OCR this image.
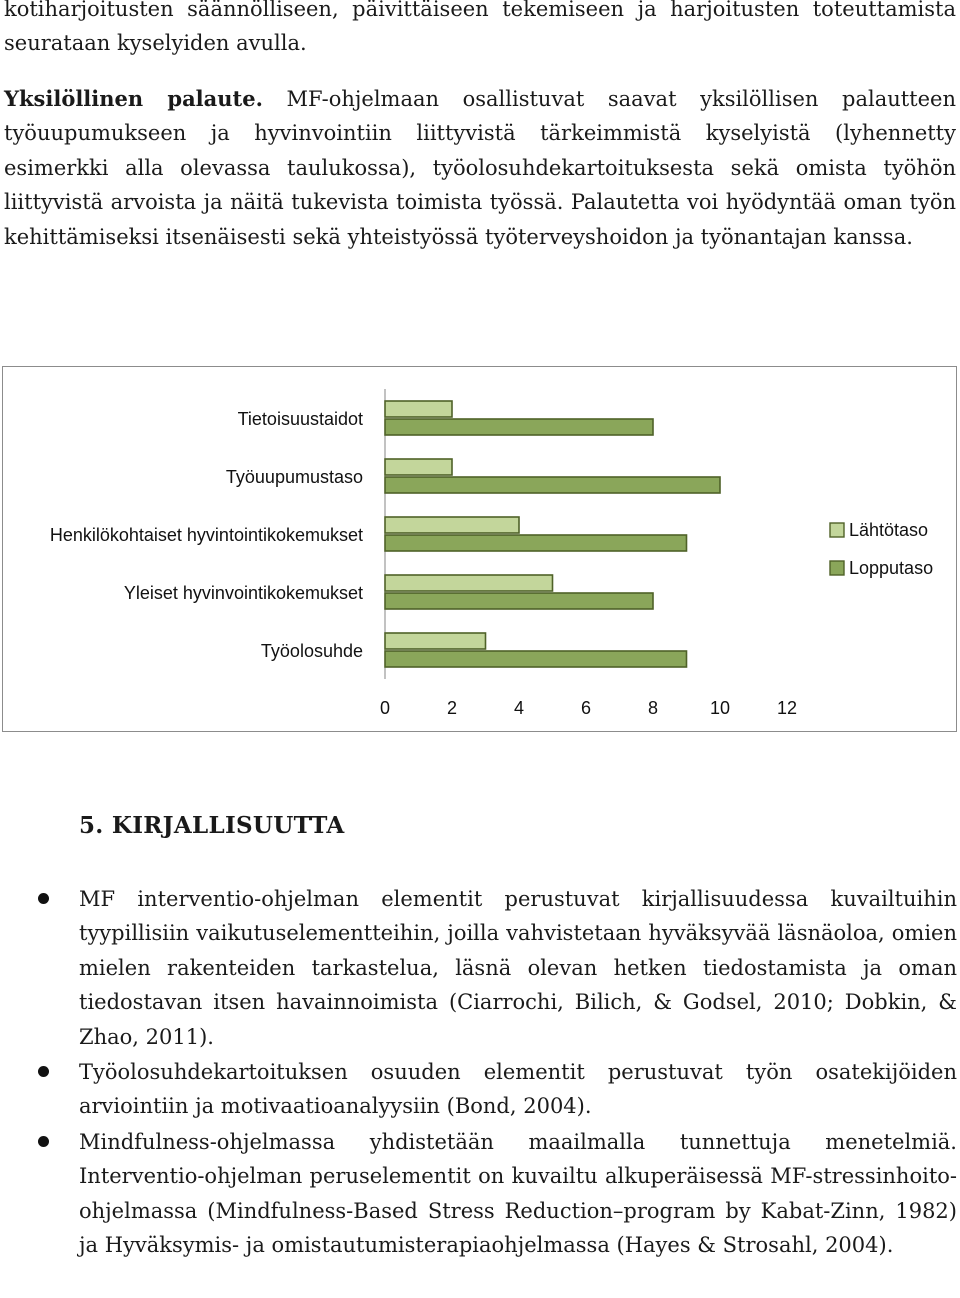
kotiharjoitusten säännölliseen, päivittäiseen tekemiseen ja harjoitusten toteuttamista seurataan kyselyiden avulla.

Yksilöllinen palaute. MF-ohjelmaan osallistuvat saavat yksilöllisen palautteen työuupumukseen ja hyvinvointiin liittyvistä tärkeimmistä kyselyistä (lyhennetty esimerkki alla olevassa taulukossa), työolosuhdekartoituksesta sekä omista työhön liittyvistä arvoista ja näitä tukevista toimista työssä. Palautetta voi hyödyntää oman työn kehittämiseksi itsenäisesti sekä yhteistyössä työterveyshoidon ja työnantajan kanssa.

Tietoisuustaidot
Työuupumustaso
Henkilökohtaiset hyvintointikokemukset
Yleiset hyvinvointikokemukset
Työolosuhde
0	2	4	6	8	10	12
Lähtötaso
Lopputaso
5. KIRJALLISUUTTA
MF interventio-ohjelman elementit perustuvat kirjallisuudessa kuvailtuihin tyypillisiin vaikutuselementteihin, joilla vahvistetaan hyväksyvää läsnäoloa, omien mielen rakenteiden tarkastelua, läsnä olevan hetken tiedostamista ja oman tiedostavan itsen havainnoimista (Ciarrochi, Bilich, & Godsel, 2010; Dobkin, & Zhao, 2011).
Työolosuhdekartoituksen osuuden elementit perustuvat työn osatekijöiden arviointiin ja motivaatioanalyysiin (Bond, 2004).
Mindfulness-ohjelmassa yhdistetään maailmalla tunnettuja menetelmiä. Interventio-ohjelman peruselementit on kuvailtu alkuperäisessä MF-stressinhoito-ohjelmassa (Mindfulness-Based Stress Reduction–program by Kabat-Zinn, 1982) ja Hyväksymis- ja omistautumisterapiaohjelmassa (Hayes & Strosahl, 2004).
